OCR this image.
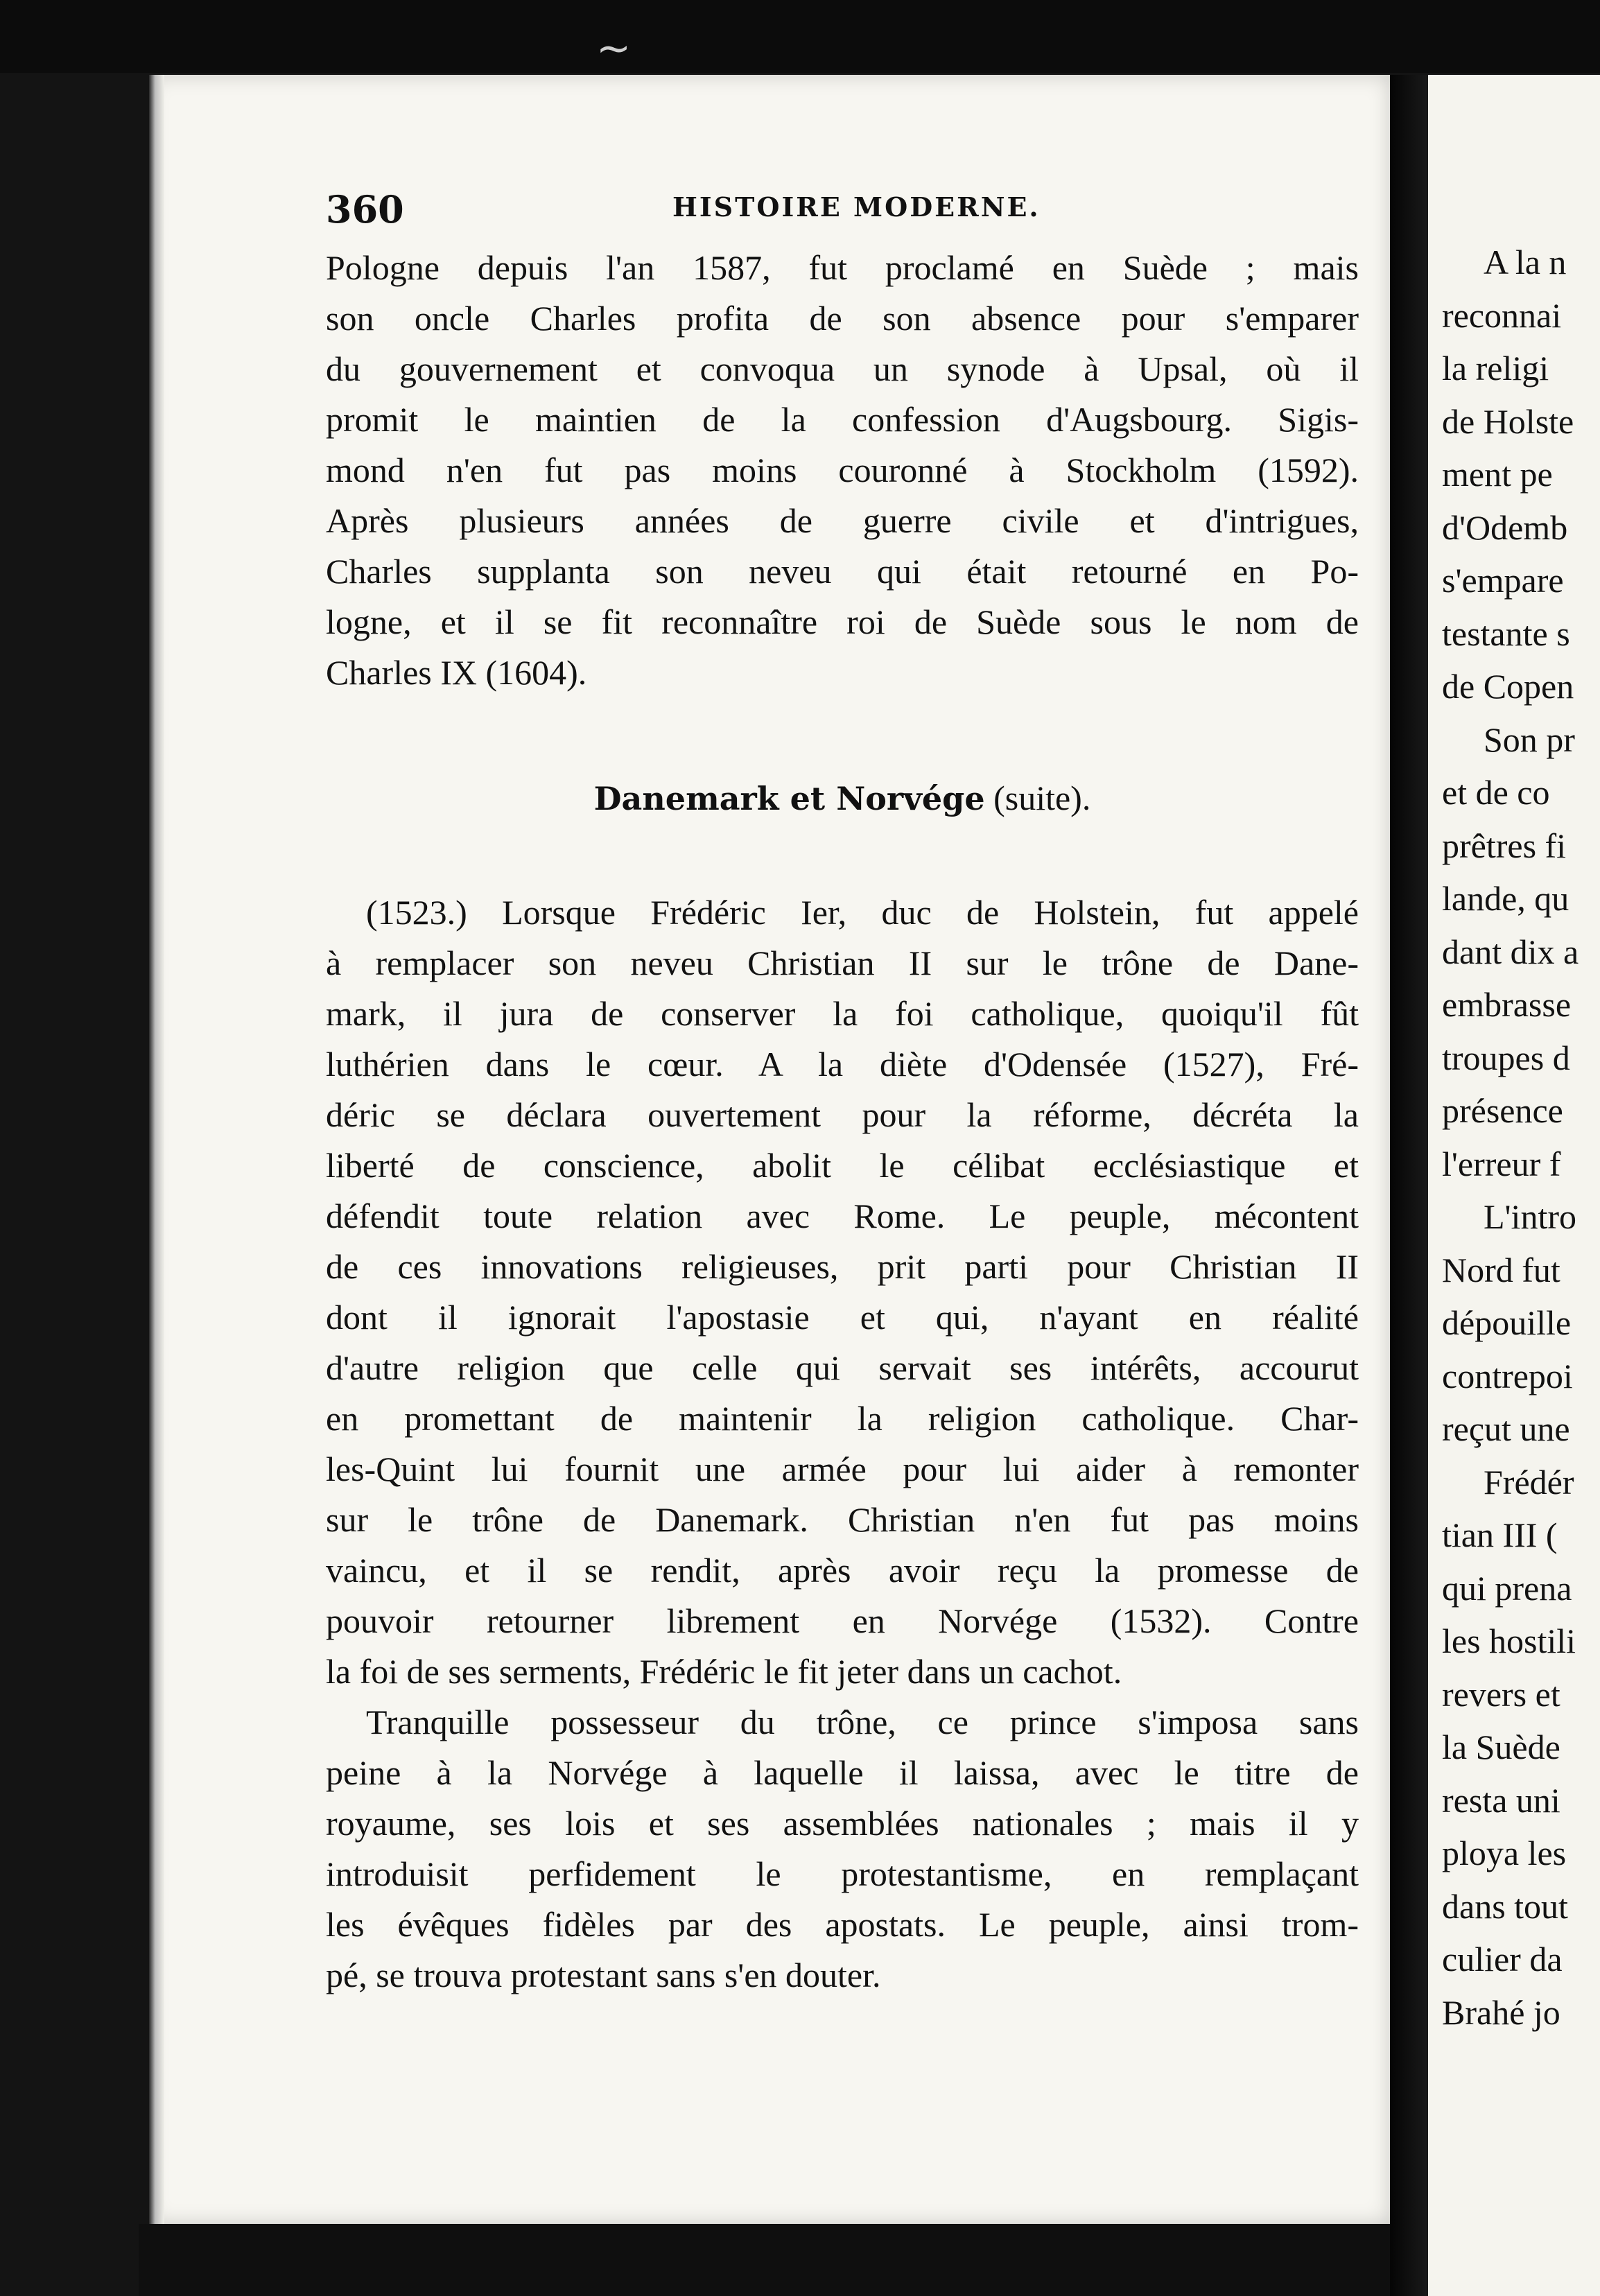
~
360	HISTOIRE MODERNE.
Pologne depuis l'an 1587, fut proclamé en Suède ; mais
son oncle Charles profita de son absence pour s'emparer
du gouvernement et convoqua un synode à Upsal, où il
promit le maintien de la confession d'Augsbourg. Sigis-
mond n'en fut pas moins couronné à Stockholm (1592).
Après plusieurs années de guerre civile et d'intrigues,
Charles supplanta son neveu qui était retourné en Po-
logne, et il se fit reconnaître roi de Suède sous le nom de
Charles IX (1604).
Danemark et Norvége (suite).
(1523.) Lorsque Frédéric Ier, duc de Holstein, fut appelé
à remplacer son neveu Christian II sur le trône de Dane-
mark, il jura de conserver la foi catholique, quoiqu'il fût
luthérien dans le cœur. A la diète d'Odensée (1527), Fré-
déric se déclara ouvertement pour la réforme, décréta la
liberté de conscience, abolit le célibat ecclésiastique et
défendit toute relation avec Rome. Le peuple, mécontent
de ces innovations religieuses, prit parti pour Christian II
dont il ignorait l'apostasie et qui, n'ayant en réalité
d'autre religion que celle qui servait ses intérêts, accourut
en promettant de maintenir la religion catholique. Char-
les-Quint lui fournit une armée pour lui aider à remonter
sur le trône de Danemark. Christian n'en fut pas moins
vaincu, et il se rendit, après avoir reçu la promesse de
pouvoir retourner librement en Norvége (1532). Contre
la foi de ses serments, Frédéric le fit jeter dans un cachot.
Tranquille possesseur du trône, ce prince s'imposa sans
peine à la Norvége à laquelle il laissa, avec le titre de
royaume, ses lois et ses assemblées nationales ; mais il y
introduisit perfidement le protestantisme, en remplaçant
les évêques fidèles par des apostats. Le peuple, ainsi trom-
pé, se trouva protestant sans s'en douter.
A la n
reconnai
la religi
de Holste
ment pe
d'Odemb
s'empare
testante s
de Copen
Son pr
et de co
prêtres fi
lande, qu
dant dix a
embrasse
troupes d
présence
l'erreur f
L'intro
Nord fut
dépouille
contrepoi
reçut une
Frédér
tian III (
qui prena
les hostili
revers et
la Suède
resta uni
ploya les
dans tout
culier da
Brahé jo
